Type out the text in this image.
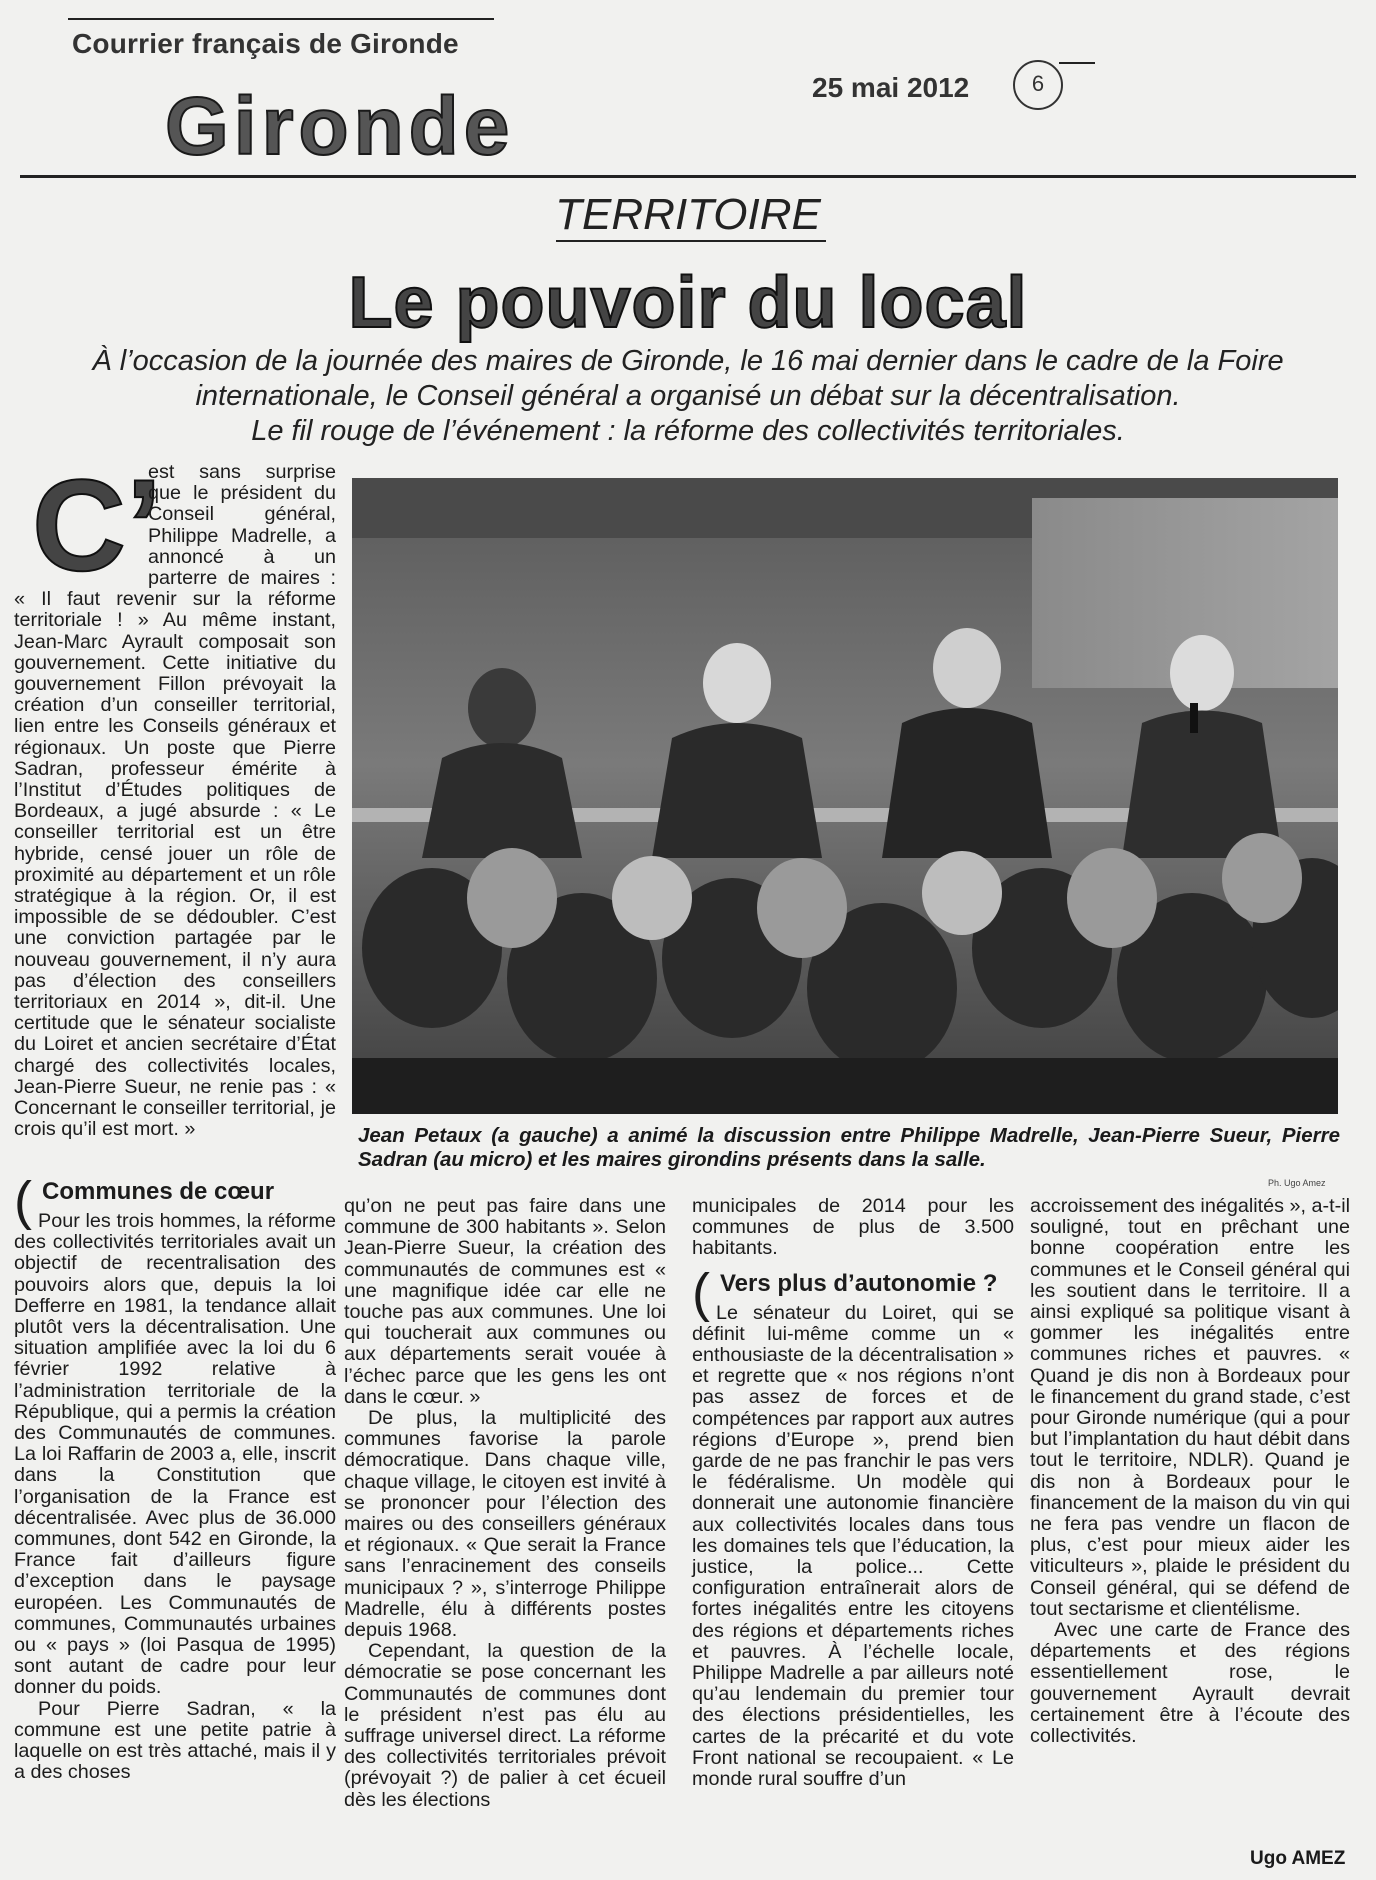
Courrier français de Gironde
Gironde	25 mai 2012	6
TERRITOIRE
Le pouvoir du local
À l’occasion de la journée des maires de Gironde, le 16 mai dernier dans le cadre de la Foire
internationale, le Conseil général a organisé un débat sur la décentralisation.
Le fil rouge de l’événement : la réforme des collectivités territoriales.
C’

est sans surprise que le président du Conseil général, Philippe Madrelle, a annoncé à un parterre de maires : « Il faut revenir sur la réforme territoriale ! » Au même instant, Jean-Marc Ayrault composait son gouvernement. Cette initiative du gouvernement Fillon prévoyait la création d’un conseiller territorial, lien entre les Conseils généraux et régionaux. Un poste que Pierre Sadran, professeur émérite à l’Institut d’Études politiques de Bordeaux, a jugé absurde : « Le conseiller territorial est un être hybride, censé jouer un rôle de proximité au département et un rôle stratégique à la région. Or, il est impossible de se dédoubler. C’est une conviction partagée par le nouveau gouvernement, il n’y aura pas d’élection des conseillers territoriaux en 2014 », dit-il. Une certitude que le sénateur socialiste du Loiret et ancien secrétaire d’État chargé des collectivités locales, Jean-Pierre Sueur, ne renie pas : « Concernant le conseiller territorial, je crois qu’il est mort. »

( Communes de cœur

Pour les trois hommes, la réforme des collectivités territoriales avait un objectif de recentralisation des pouvoirs alors que, depuis la loi Defferre en 1981, la tendance allait plutôt vers la décentralisation. Une situation amplifiée avec la loi du 6 février 1992 relative à l’administration territoriale de la République, qui a permis la création des Communautés de communes. La loi Raffarin de 2003 a, elle, inscrit dans la Constitution que l’organisation de la France est décentralisée. Avec plus de 36.000 communes, dont 542 en Gironde, la France fait d’ailleurs figure d’exception dans le paysage européen. Les Communautés de communes, Communautés urbaines ou « pays » (loi Pasqua de 1995) sont autant de cadre pour leur donner du poids.

Pour Pierre Sadran, « la commune est une petite patrie à laquelle on est très attaché, mais il y a des choses

Jean Petaux (a gauche) a animé la discussion entre Philippe Madrelle, Jean-Pierre Sueur, Pierre Sadran (au micro) et les maires girondins présents dans la salle.
Ph. Ugo Amez

qu’on ne peut pas faire dans une commune de 300 habitants ». Selon Jean-Pierre Sueur, la création des communautés de communes est « une magnifique idée car elle ne touche pas aux communes. Une loi qui toucherait aux communes ou aux départements serait vouée à l’échec parce que les gens les ont dans le cœur. »

De plus, la multiplicité des communes favorise la parole démocratique. Dans chaque ville, chaque village, le citoyen est invité à se prononcer pour l’élection des maires ou des conseillers généraux et régionaux. « Que serait la France sans l’enracinement des conseils municipaux ? », s’interroge Philippe Madrelle, élu à différents postes depuis 1968.

Cependant, la question de la démocratie se pose concernant les Communautés de communes dont le président n’est pas élu au suffrage universel direct. La réforme des collectivités territoriales prévoit (prévoyait ?) de palier à cet écueil dès les élections

municipales de 2014 pour les communes de plus de 3.500 habitants.

( Vers plus d’autonomie ?

Le sénateur du Loiret, qui se définit lui-même comme un « enthousiaste de la décentralisation » et regrette que « nos régions n’ont pas assez de forces et de compétences par rapport aux autres régions d’Europe », prend bien garde de ne pas franchir le pas vers le fédéralisme. Un modèle qui donnerait une autonomie financière aux collectivités locales dans tous les domaines tels que l’éducation, la justice, la police... Cette configuration entraînerait alors de fortes inégalités entre les citoyens des régions et départements riches et pauvres. À l’échelle locale, Philippe Madrelle a par ailleurs noté qu’au lendemain du premier tour des élections présidentielles, les cartes de la précarité et du vote Front national se recoupaient. « Le monde rural souffre d’un

accroissement des inégalités », a-t-il souligné, tout en prêchant une bonne coopération entre les communes et le Conseil général qui les soutient dans le territoire. Il a ainsi expliqué sa politique visant à gommer les inégalités entre communes riches et pauvres. « Quand je dis non à Bordeaux pour le financement du grand stade, c’est pour Gironde numérique (qui a pour but l’implantation du haut débit dans tout le territoire, NDLR). Quand je dis non à Bordeaux pour le financement de la maison du vin qui ne fera pas vendre un flacon de plus, c’est pour mieux aider les viticulteurs », plaide le président du Conseil général, qui se défend de tout sectarisme et clientélisme.

Avec une carte de France des départements et des régions essentiellement rose, le gouvernement Ayrault devrait certainement être à l’écoute des collectivités.

Ugo AMEZ
